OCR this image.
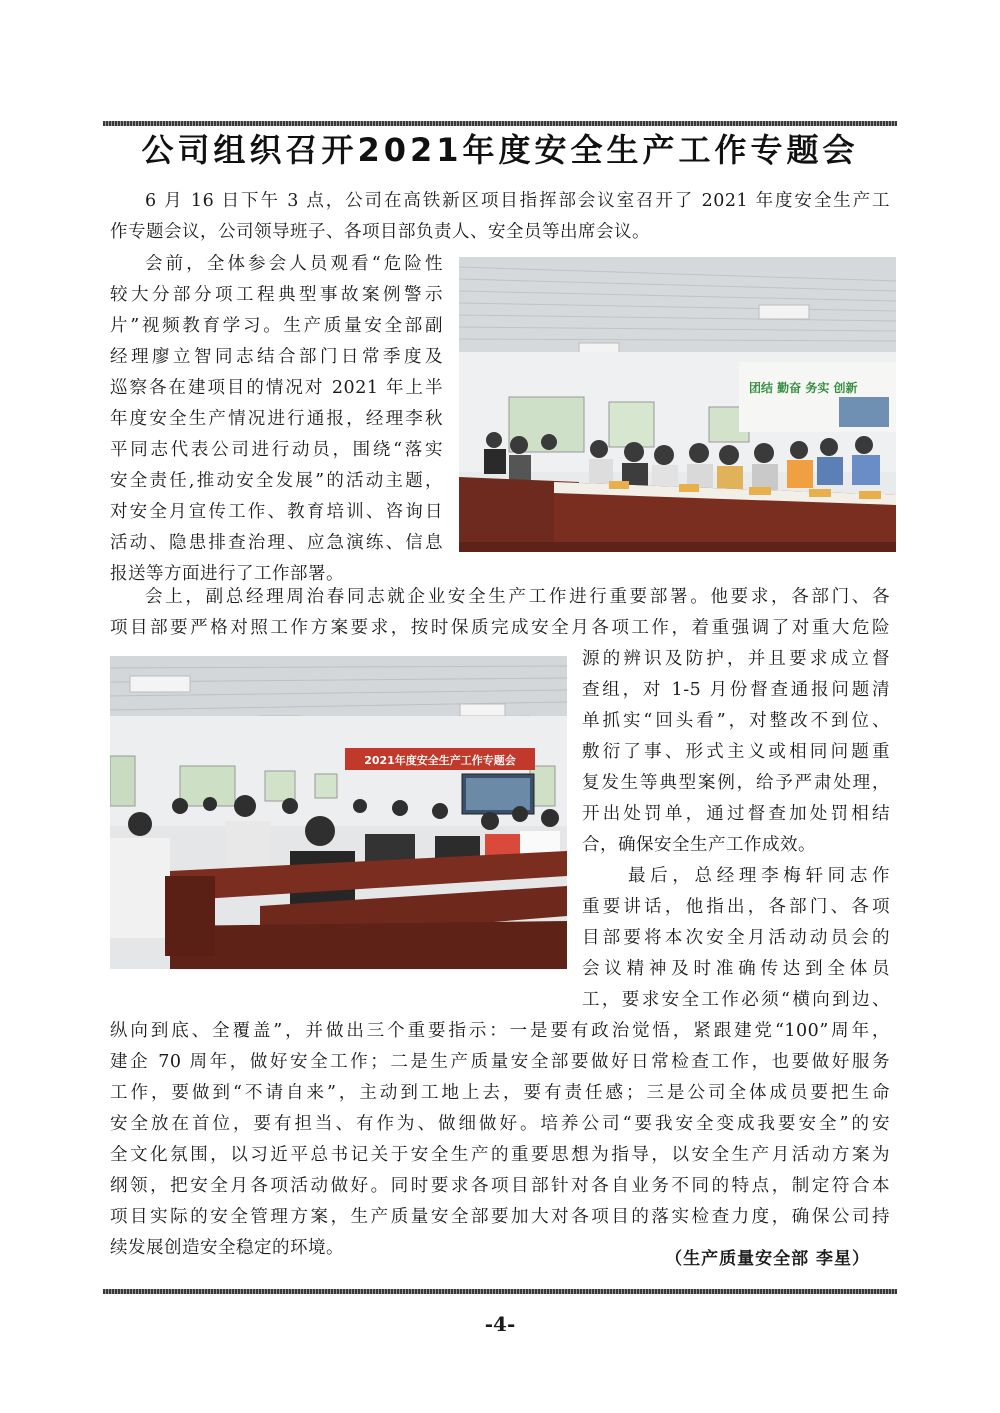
公司组织召开2021年度安全生产工作专题会
6 月 16 日下午 3 点，公司在高铁新区项目指挥部会议室召开了 2021 年度安全生产工
作专题会议，公司领导班子、各项目部负责人、安全员等出席会议。
会前，全体参会人员观看“危险性
较大分部分项工程典型事故案例警示
片”视频教育学习。生产质量安全部副
经理廖立智同志结合部门日常季度及
巡察各在建项目的情况对 2021 年上半
年度安全生产情况进行通报，经理李秋
平同志代表公司进行动员，围绕“落实
安全责任,推动安全发展”的活动主题，
对安全月宣传工作、教育培训、咨询日
活动、隐患排查治理、应急演练、信息
报送等方面进行了工作部署。
团结 勤奋 务实 创新
会上，副总经理周治春同志就企业安全生产工作进行重要部署。他要求，各部门、各
项目部要严格对照工作方案要求，按时保质完成安全月各项工作，着重强调了对重大危险
源的辨识及防护，并且要求成立督
查组，对 1-5 月份督查通报问题清
单抓实“回头看”，对整改不到位、
敷衍了事、形式主义或相同问题重
复发生等典型案例，给予严肃处理，
开出处罚单，通过督查加处罚相结
合，确保安全生产工作成效。
2021年度安全生产工作专题会
最后，总经理李梅轩同志作
重要讲话，他指出，各部门、各项
目部要将本次安全月活动动员会的
会议精神及时准确传达到全体员
工，要求安全工作必须“横向到边、
纵向到底、全覆盖”，并做出三个重要指示：一是要有政治觉悟，紧跟建党“100”周年，
建企 70 周年，做好安全工作；二是生产质量安全部要做好日常检查工作，也要做好服务
工作，要做到“不请自来”，主动到工地上去，要有责任感；三是公司全体成员要把生命
安全放在首位，要有担当、有作为、做细做好。培养公司“要我安全变成我要安全”的安
全文化氛围，以习近平总书记关于安全生产的重要思想为指导，以安全生产月活动方案为
纲领，把安全月各项活动做好。同时要求各项目部针对各自业务不同的特点，制定符合本
项目实际的安全管理方案，生产质量安全部要加大对各项目的落实检查力度，确保公司持
续发展创造安全稳定的环境。
（生产质量安全部 李星）
-4-
